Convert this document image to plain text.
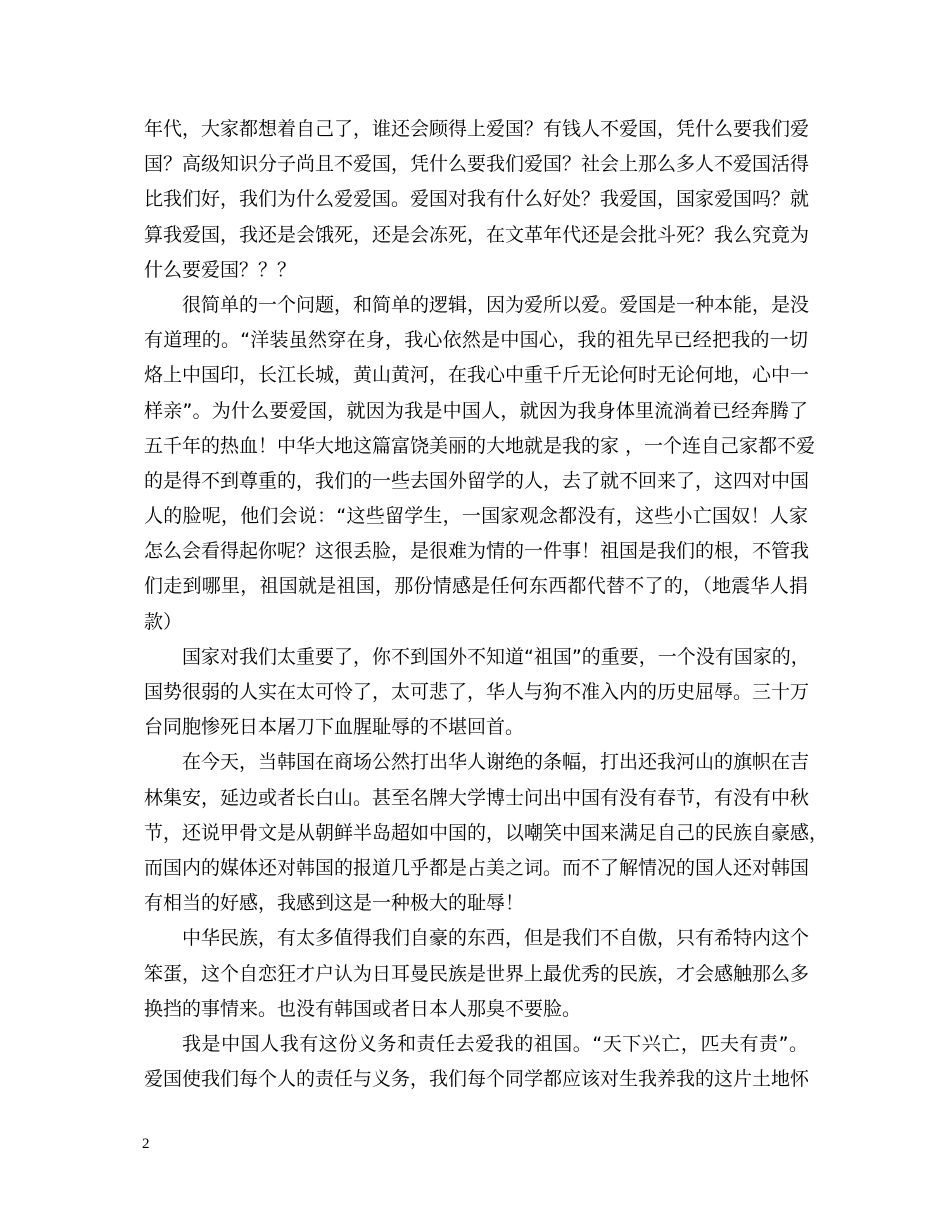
年代，大家都想着自己了，谁还会顾得上爱国？有钱人不爱国，凭什么要我们爱
国？高级知识分子尚且不爱国，凭什么要我们爱国？社会上那么多人不爱国活得
比我们好，我们为什么爱爱国。爱国对我有什么好处？我爱国，国家爱国吗？就
算我爱国，我还是会饿死，还是会冻死，在文革年代还是会批斗死？我么究竟为
什么要爱国？？？
很简单的一个问题，和简单的逻辑，因为爱所以爱。爱国是一种本能，是没
有道理的。“洋装虽然穿在身，我心依然是中国心，我的祖先早已经把我的一切
烙上中国印，长江长城，黄山黄河，在我心中重千斤无论何时无论何地，心中一
样亲”。为什么要爱国，就因为我是中国人，就因为我身体里流淌着已经奔腾了
五千年的热血！中华大地这篇富饶美丽的大地就是我的家 ，一个连自己家都不爱
的是得不到尊重的，我们的一些去国外留学的人，去了就不回来了，这四对中国
人的脸呢，他们会说：“这些留学生，一国家观念都没有，这些小亡国奴！人家
怎么会看得起你呢？这很丢脸，是很难为情的一件事！祖国是我们的根，不管我
们走到哪里，祖国就是祖国，那份情感是任何东西都代替不了的，（地震华人捐
款）
国家对我们太重要了，你不到国外不知道“祖国”的重要，一个没有国家的，
国势很弱的人实在太可怜了，太可悲了，华人与狗不准入内的历史屈辱。三十万
台同胞惨死日本屠刀下血腥耻辱的不堪回首。
在今天，当韩国在商场公然打出华人谢绝的条幅，打出还我河山的旗帜在吉
林集安，延边或者长白山。甚至名牌大学博士问出中国有没有春节，有没有中秋
节，还说甲骨文是从朝鲜半岛超如中国的，以嘲笑中国来满足自己的民族自豪感，
而国内的媒体还对韩国的报道几乎都是占美之词。而不了解情况的国人还对韩国
有相当的好感，我感到这是一种极大的耻辱！
中华民族，有太多值得我们自豪的东西，但是我们不自傲，只有希特内这个
笨蛋，这个自恋狂才户认为日耳曼民族是世界上最优秀的民族，才会感触那么多
换挡的事情来。也没有韩国或者日本人那臭不要脸。
我是中国人我有这份义务和责任去爱我的祖国。“天下兴亡，匹夫有责”。
爱国使我们每个人的责任与义务，我们每个同学都应该对生我养我的这片土地怀
2
